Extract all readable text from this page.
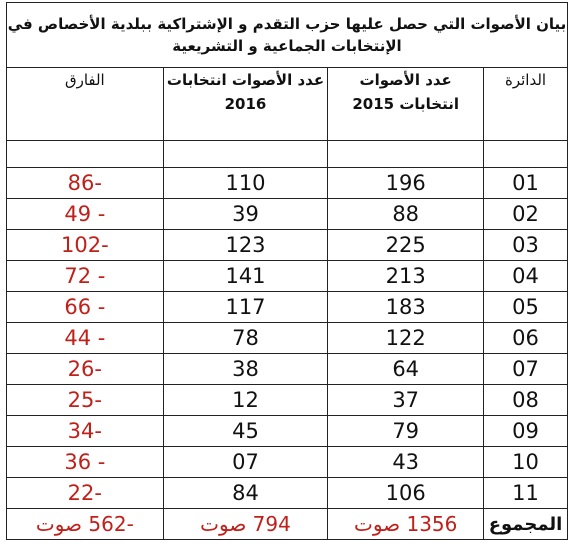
بيان الأصوات التي حصل عليها حزب التقدم و الإشتراكية ببلدية الأخصاص في الإنتخابات الجماعية و التشريعية			
الدائرة	عدد الأصوات انتخابات 2015	عدد الأصوات انتخابات 2016	الفارق

01	196	110	-86
02	88	39	- 49
03	225	123	-102
04	213	141	- 72
05	183	117	- 66
06	122	78	- 44
07	64	38	-26
08	37	12	-25
09	79	45	-34
10	43	07	- 36
11	106	84	-22
المجموع	1356 صوت	794 صوت	-562 صوت
